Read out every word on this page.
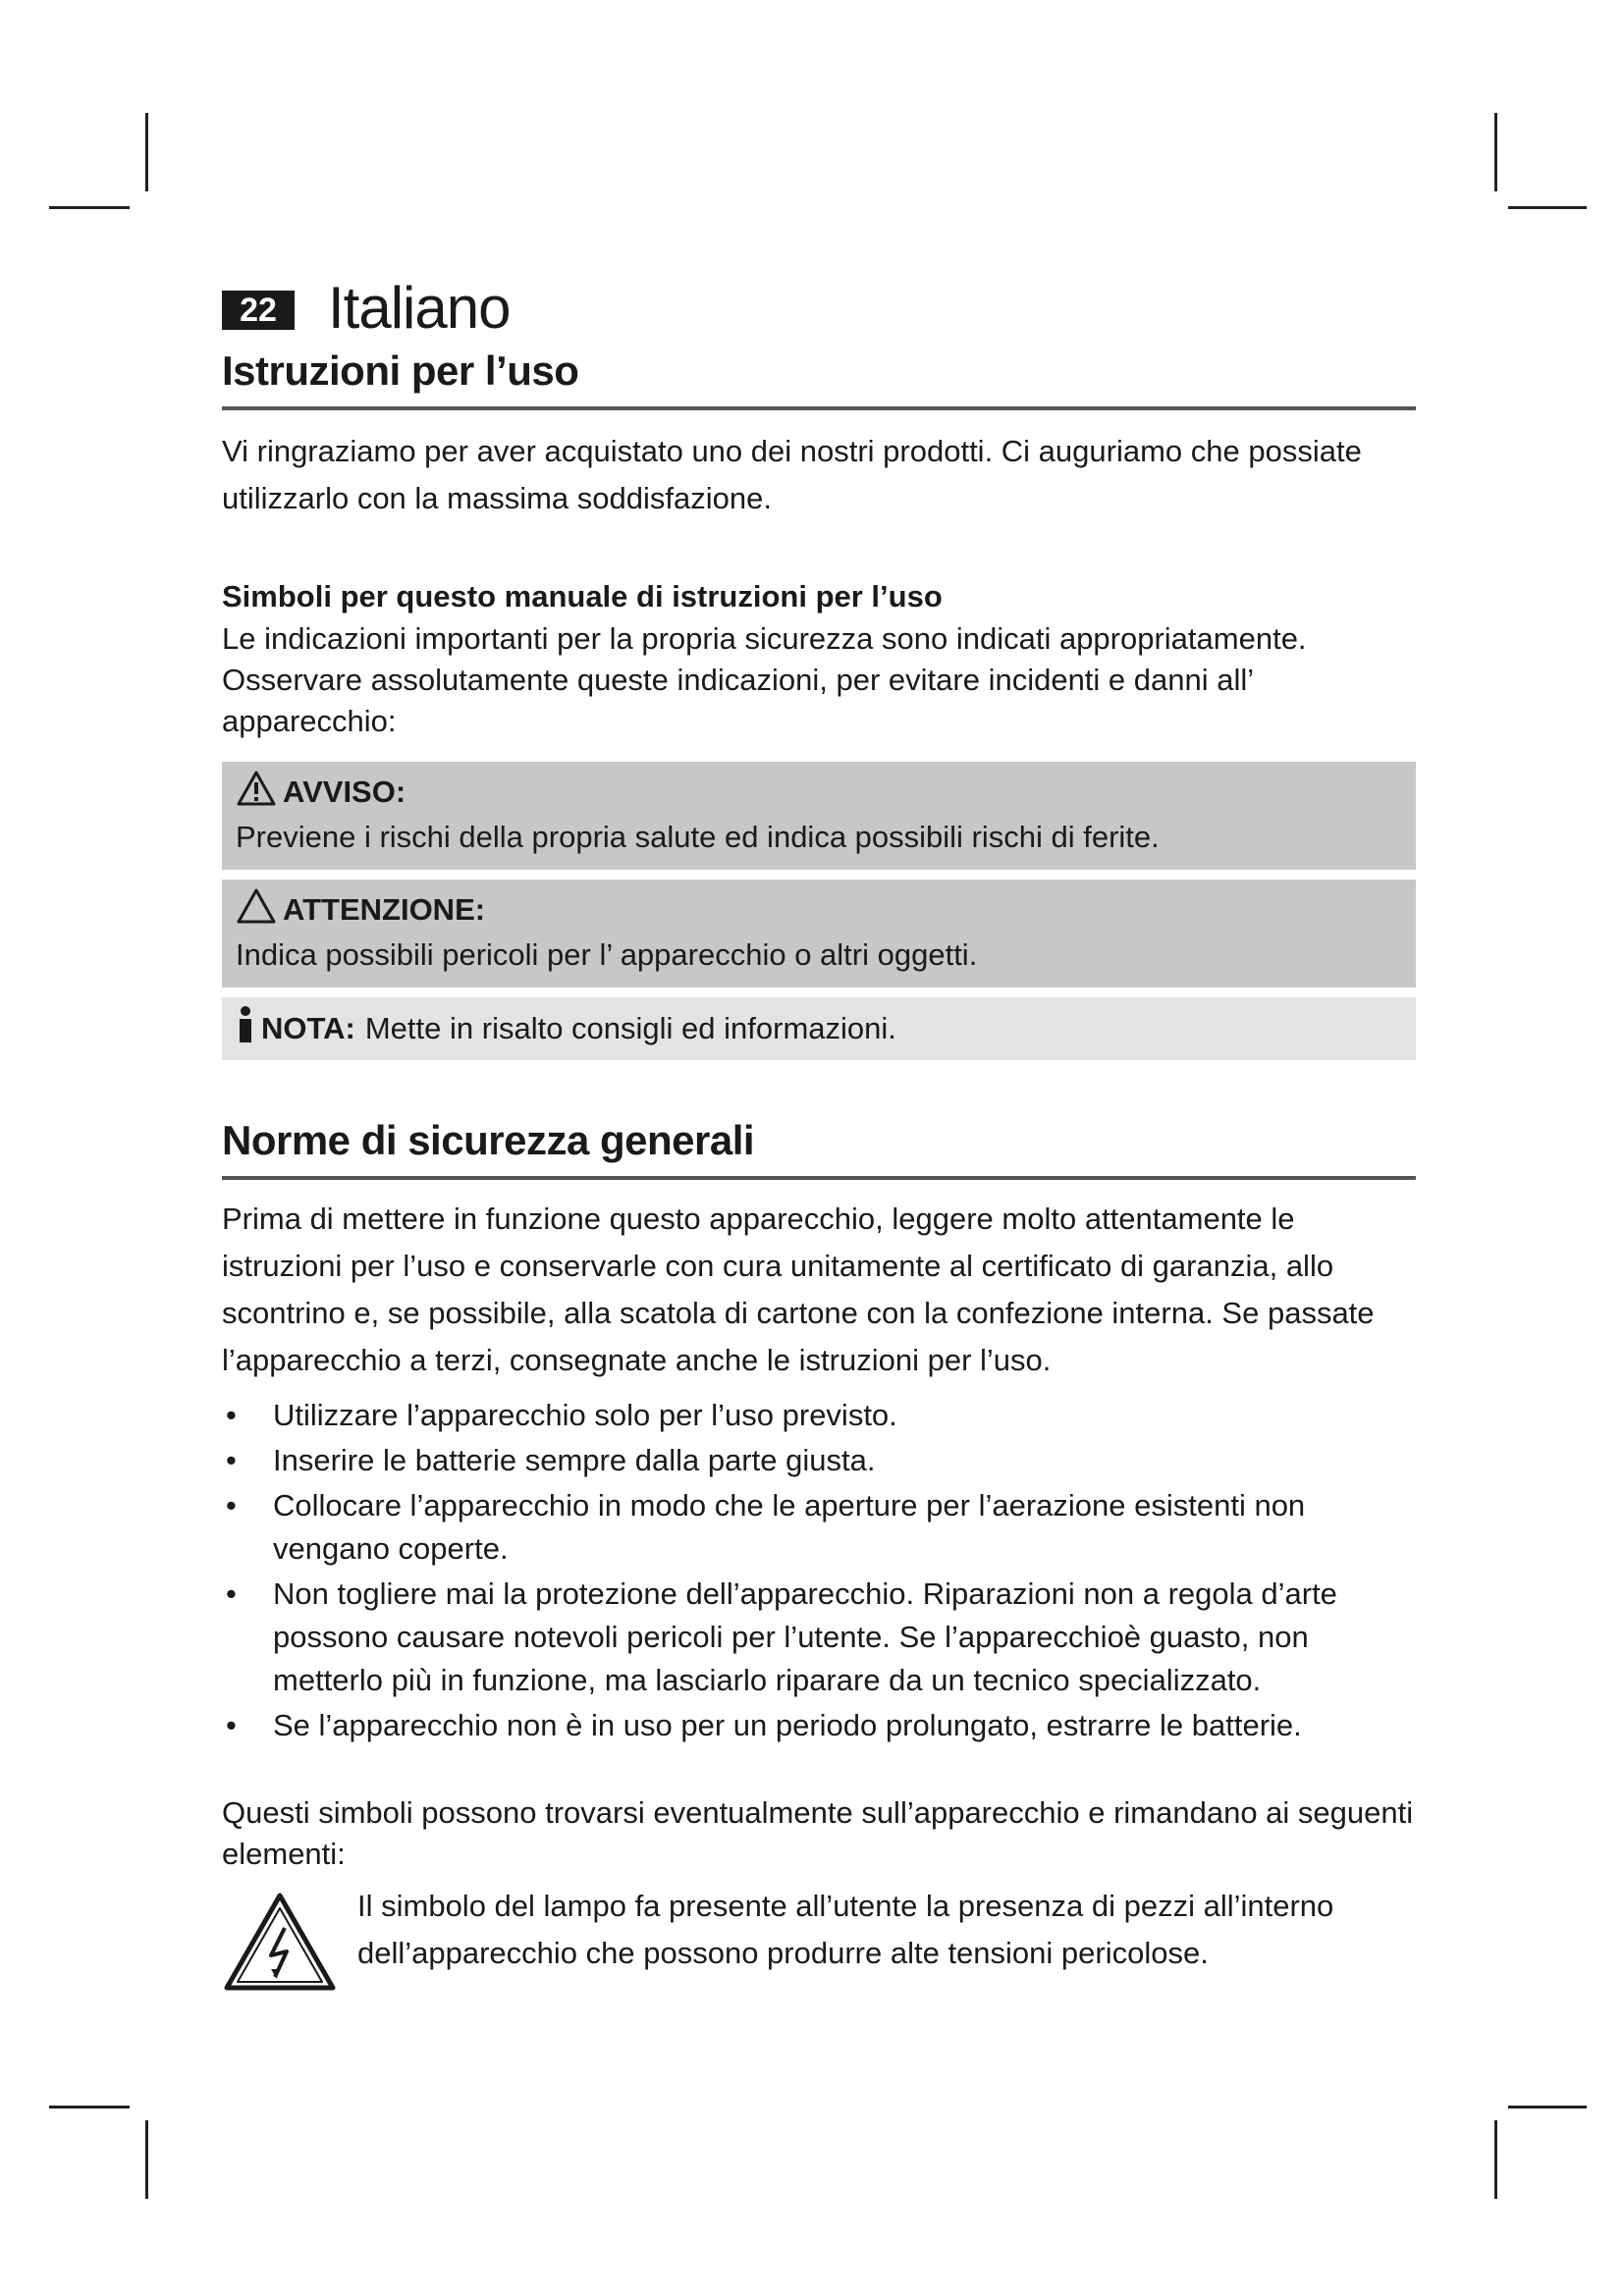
22 Italiano
Istruzioni per l’uso

Vi ringraziamo per aver acquistato uno dei nostri prodotti. Ci auguriamo che possiate utilizzarlo con la massima soddisfazione.

Simboli per questo manuale di istruzioni per l’uso

Le indicazioni importanti per la propria sicurezza sono indicati appropriatamente. Osservare assolutamente queste indicazioni, per evitare incidenti e danni all’ apparecchio:

AVVISO:
Previene i rischi della propria salute ed indica possibili rischi di ferite.
ATTENZIONE:
Indica possibili pericoli per l’ apparecchio o altri oggetti.
NOTA: Mette in risalto consigli ed informazioni.
Norme di sicurezza generali

Prima di mettere in funzione questo apparecchio, leggere molto attentamente le istruzioni per l’uso e conservarle con cura unitamente al certificato di garanzia, allo scontrino e, se possibile, alla scatola di cartone con la confezione interna. Se passate l’apparecchio a terzi, consegnate anche le istruzioni per l’uso.

• Utilizzare l’apparecchio solo per l’uso previsto.
• Inserire le batterie sempre dalla parte giusta.
• Collocare l’apparecchio in modo che le aperture per l’aerazione esistenti non vengano coperte.
• Non togliere mai la protezione dell’apparecchio. Riparazioni non a regola d’arte possono causare notevoli pericoli per l’utente. Se l’apparecchioè guasto, non metterlo più in funzione, ma lasciarlo riparare da un tecnico specializzato.
• Se l’apparecchio non è in uso per un periodo prolungato, estrarre le batterie.

Questi simboli possono trovarsi eventualmente sull’apparecchio e rimandano ai seguenti elementi:

Il simbolo del lampo fa presente all’utente la presenza di pezzi all’interno dell’apparecchio che possono produrre alte tensioni pericolose.
